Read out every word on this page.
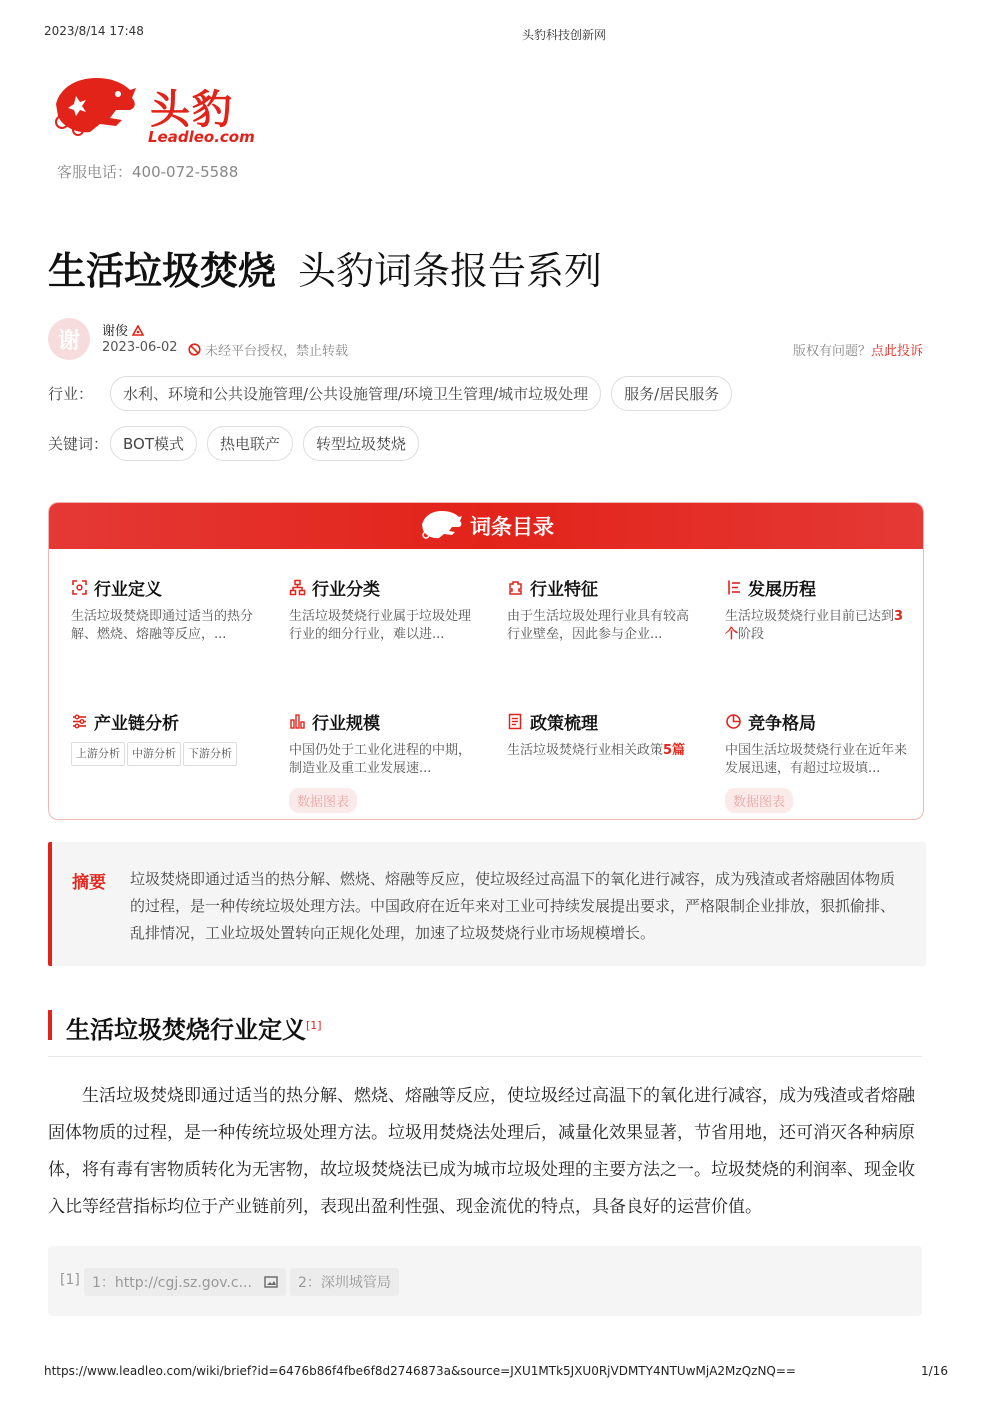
2023/8/14 17:48	头豹科技创新网
头豹
Leadleo.com
客服电话：400-072-5588
生活垃圾焚烧 头豹词条报告系列
谢	谢俊
2023-06-02 未经平台授权，禁止转载	版权有问题？点此投诉
行业：	水利、环境和公共设施管理/公共设施管理/环境卫生管理/城市垃圾处理	服务/居民服务
关键词： BOT模式	热电联产	转型垃圾焚烧
词条目录
行业定义
生活垃圾焚烧即通过适当的热分解、燃烧、熔融等反应，...
行业分类
生活垃圾焚烧行业属于垃圾处理行业的细分行业，难以进...
行业特征
由于生活垃圾处理行业具有较高行业壁垒，因此参与企业...
发展历程
生活垃圾焚烧行业目前已达到3个阶段
产业链分析
上游分析 中游分析 下游分析
行业规模
中国仍处于工业化进程的中期，制造业及重工业发展速...
数据图表
政策梳理
生活垃圾焚烧行业相关政策5篇
竞争格局
中国生活垃圾焚烧行业在近年来发展迅速，有超过垃圾填...
数据图表
摘要 垃圾焚烧即通过适当的热分解、燃烧、熔融等反应，使垃圾经过高温下的氧化进行减容，成为残渣或者熔融固体物质的过程，是一种传统垃圾处理方法。中国政府在近年来对工业可持续发展提出要求，严格限制企业排放，狠抓偷排、乱排情况，工业垃圾处置转向正规化处理，加速了垃圾焚烧行业市场规模增长。
生活垃圾焚烧行业定义[1]
生活垃圾焚烧即通过适当的热分解、燃烧、熔融等反应，使垃圾经过高温下的氧化进行减容，成为残渣或者熔融固体物质的过程，是一种传统垃圾处理方法。垃圾用焚烧法处理后，减量化效果显著，节省用地，还可消灭各种病原体，将有毒有害物质转化为无害物，故垃圾焚烧法已成为城市垃圾处理的主要方法之一。垃圾焚烧的利润率、现金收入比等经营指标均位于产业链前列，表现出盈利性强、现金流优的特点，具备良好的运营价值。
[1] 1：http://cgj.sz.gov.c...	2：深圳城管局
https://www.leadleo.com/wiki/brief?id=6476b86f4fbe6f8d2746873a&source=JXU1MTk5JXU0RjVDMTY4NTUwMjA2MzQzNQ==	1/16
